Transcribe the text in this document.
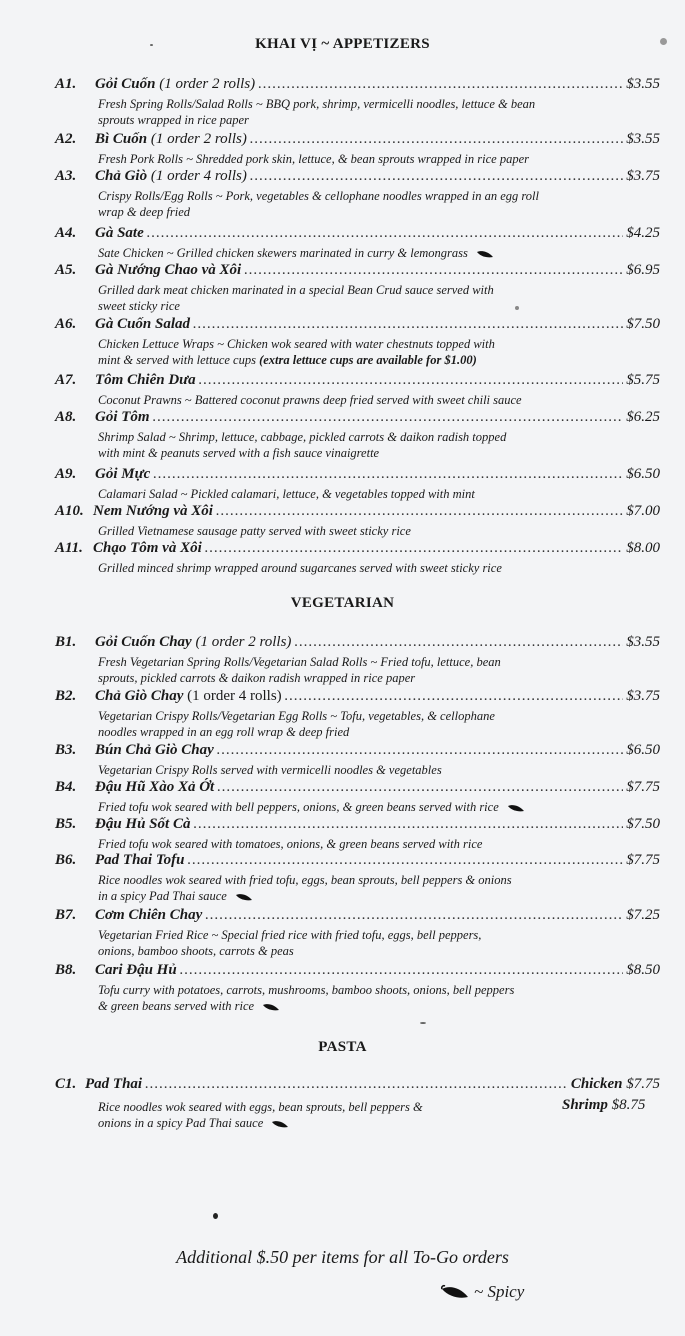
KHAI VỊ ~ APPETIZERS
A1.	Gỏi Cuốn
(1 order 2 rolls) .....	$3.55
Fresh Spring Rolls/Salad Rolls ~ BBQ pork, shrimp, vermicelli noodles, lettuce & bean
sprouts wrapped in rice paper
A2.	Bì Cuốn
(1 order 2 rolls) .....	$3.55
Fresh Pork Rolls ~ Shredded pork skin, lettuce, & bean sprouts wrapped in rice paper
A3.	Chả Giò
(1 order 4 rolls) .....	$3.75
Crispy Rolls/Egg Rolls ~ Pork, vegetables & cellophane noodles wrapped in an egg roll
wrap & deep fried
A4.	Gà Sate .....	$4.25
Sate Chicken ~ Grilled chicken skewers marinated in curry & lemongrass
A5.	Gà Nướng Chao và Xôi .....	$6.95
Grilled dark meat chicken marinated in a special Bean Crud sauce served with
sweet sticky rice
A6.	Gà Cuốn Salad .....	$7.50
Chicken Lettuce Wraps ~ Chicken wok seared with water chestnuts topped with
mint & served with lettuce cups (extra lettuce cups are available for $1.00)
A7.	Tôm Chiên Dưa .....	$5.75
Coconut Prawns ~ Battered coconut prawns deep fried served with sweet chili sauce
A8.	Gỏi Tôm .....	$6.25
Shrimp Salad ~ Shrimp, lettuce, cabbage, pickled carrots & daikon radish topped
with mint & peanuts served with a fish sauce vinaigrette
A9.	Gỏi Mực .....	$6.50
Calamari Salad ~ Pickled calamari, lettuce, & vegetables topped with mint
A10. Nem Nướng và Xôi .....	$7.00
Grilled Vietnamese sausage patty served with sweet sticky rice
A11. Chạo Tôm và Xôi .....	$8.00
Grilled minced shrimp wrapped around sugarcanes served with sweet sticky rice
VEGETARIAN
B1.	Gỏi Cuốn Chay
(1 order 2 rolls) .....	$3.55
Fresh Vegetarian Spring Rolls/Vegetarian Salad Rolls ~ Fried tofu, lettuce, bean
sprouts, pickled carrots & daikon radish wrapped in rice paper
B2.	Chả Giò Chay
(1 order 4 rolls) .....	$3.75
Vegetarian Crispy Rolls/Vegetarian Egg Rolls ~ Tofu, vegetables, & cellophane
noodles wrapped in an egg roll wrap & deep fried
B3.	Bún Chả Giò Chay .....	$6.50
Vegetarian Crispy Rolls served with vermicelli noodles & vegetables
B4.	Đậu Hũ Xào Xả Ớt .....	$7.75
Fried tofu wok seared with bell peppers, onions, & green beans served with rice
B5.	Đậu Hủ Sốt Cà .....	$7.50
Fried tofu wok seared with tomatoes, onions, & green beans served with rice
B6.	Pad Thai Tofu .....	$7.75
Rice noodles wok seared with fried tofu, eggs, bean sprouts, bell peppers & onions
in a spicy Pad Thai sauce
B7.	Cơm Chiên Chay .....	$7.25
Vegetarian Fried Rice ~ Special fried rice with fried tofu, eggs, bell peppers,
onions, bamboo shoots, carrots & peas
B8.	Cari Đậu Hủ .....	$8.50
Tofu curry with potatoes, carrots, mushrooms, bamboo shoots, onions, bell peppers
& green beans served with rice
PASTA
C1. Pad Thai .....	Chicken $7.75
Shrimp $8.75
Rice noodles wok seared with eggs, bean sprouts, bell peppers &
onions in a spicy Pad Thai sauce
Additional $.50 per items for all To-Go orders
~ Spicy
